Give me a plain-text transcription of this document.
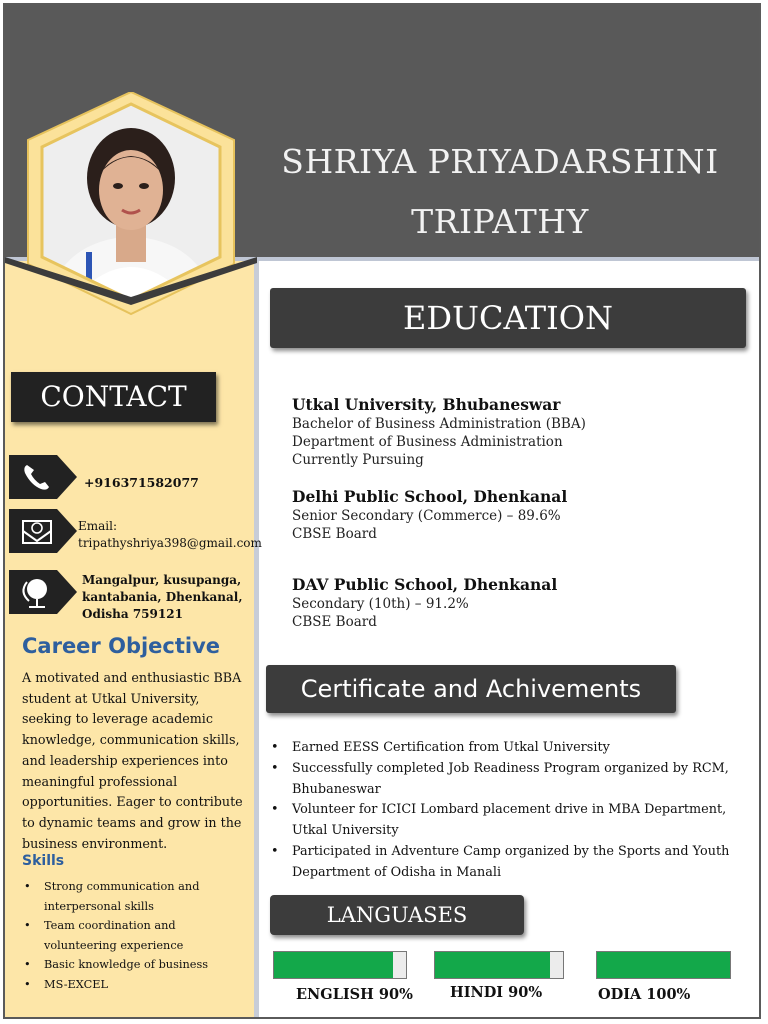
SHRIYA PRIYADARSHINI
TRIPATHY
CONTACT
+916371582077
Email:
tripathyshriya398@gmail.com
Mangalpur, kusupanga,
kantabania, Dhenkanal,
Odisha 759121
Career Objective
A motivated and enthusiastic BBA student at Utkal University, seeking to leverage academic knowledge, communication skills, and leadership experiences into meaningful professional opportunities. Eager to contribute to dynamic teams and grow in the business environment.
Skills
• Strong communication and interpersonal skills
• Team coordination and volunteering experience
• Basic knowledge of business
• MS-EXCEL
EDUCATION
Utkal University, Bhubaneswar
Bachelor of Business Administration (BBA)
Department of Business Administration
Currently Pursuing
Delhi Public School, Dhenkanal
Senior Secondary (Commerce) – 89.6%
CBSE Board
DAV Public School, Dhenkanal
Secondary (10th) – 91.2%
CBSE Board
Certificate and Achivements
• Earned EESS Certification from Utkal University
• Successfully completed Job Readiness Program organized by RCM, Bhubaneswar
• Volunteer for ICICI Lombard placement drive in MBA Department, Utkal University
• Participated in Adventure Camp organized by the Sports and Youth Department of Odisha in Manali
LANGUASES
ENGLISH 90%	HINDI 90%	ODIA 100%
